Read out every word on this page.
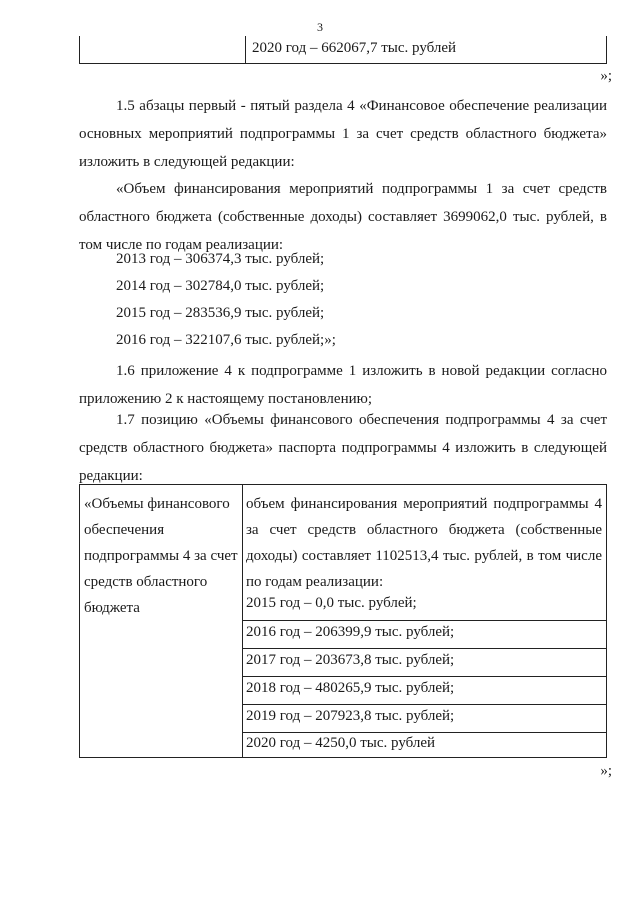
3
2020 год – 662067,7 тыс. рублей
»;
1.5 абзацы первый - пятый раздела 4 «Финансовое обеспечение реализации основных мероприятий подпрограммы 1 за счет средств областного бюджета» изложить в следующей редакции:
«Объем финансирования мероприятий подпрограммы 1 за счет средств областного бюджета (собственные доходы) составляет 3699062,0 тыс. рублей, в том числе по годам реализации:
2013 год – 306374,3 тыс. рублей;
2014 год – 302784,0 тыс. рублей;
2015 год – 283536,9 тыс. рублей;
2016 год – 322107,6 тыс. рублей;»;
1.6 приложение 4 к подпрограмме 1 изложить в новой редакции согласно приложению 2 к настоящему постановлению;
1.7 позицию «Объемы финансового обеспечения подпрограммы 4 за счет средств областного бюджета» паспорта подпрограммы 4 изложить в следующей редакции:
«Объемы финансового обеспечения подпрограммы 4 за счет средств областного бюджета
объем финансирования мероприятий подпрограммы 4 за счет средств областного бюджета (собственные доходы) составляет 1102513,4 тыс. рублей, в том числе по годам реализации:
2015 год – 0,0 тыс. рублей;
2016 год – 206399,9 тыс. рублей;
2017 год – 203673,8 тыс. рублей;
2018 год – 480265,9 тыс. рублей;
2019 год – 207923,8 тыс. рублей;
2020 год – 4250,0 тыс. рублей
»;
